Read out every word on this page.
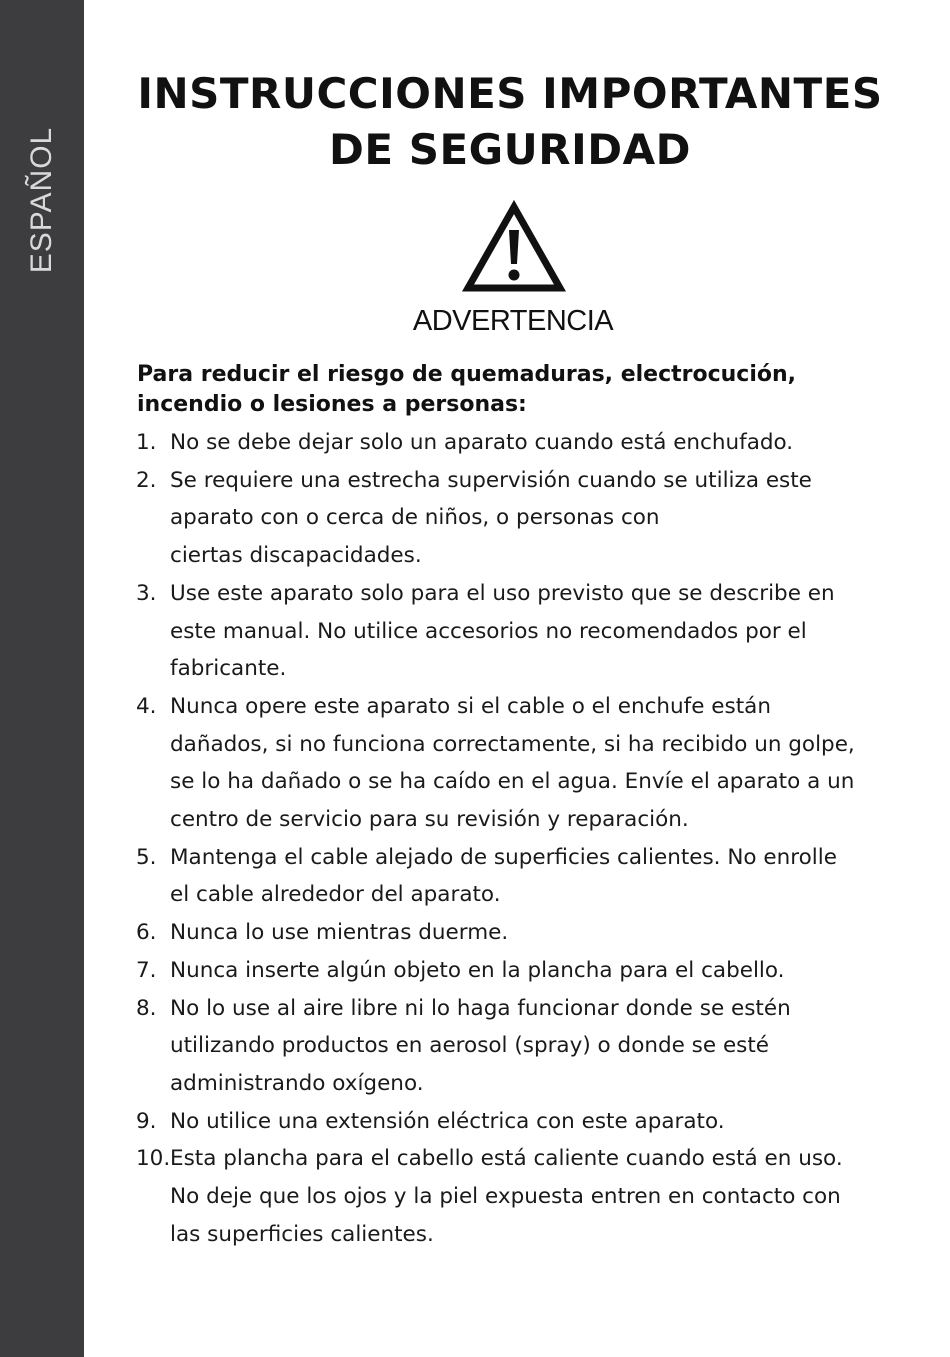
ESPAÑOL
INSTRUCCIONES IMPORTANTES
DE SEGURIDAD
ADVERTENCIA

Para reducir el riesgo de quemaduras, electrocución,
incendio o lesiones a personas:

1. No se debe dejar solo un aparato cuando está enchufado.
2. Se requiere una estrecha supervisión cuando se utiliza este
aparato con o cerca de niños, o personas con
ciertas discapacidades.
3. Use este aparato solo para el uso previsto que se describe en
este manual. No utilice accesorios no recomendados por el
fabricante.
4. Nunca opere este aparato si el cable o el enchufe están
dañados, si no funciona correctamente, si ha recibido un golpe,
se lo ha dañado o se ha caído en el agua. Envíe el aparato a un
centro de servicio para su revisión y reparación.
5. Mantenga el cable alejado de superficies calientes. No enrolle
el cable alrededor del aparato.
6. Nunca lo use mientras duerme.
7. Nunca inserte algún objeto en la plancha para el cabello.
8. No lo use al aire libre ni lo haga funcionar donde se estén
utilizando productos en aerosol (spray) o donde se esté
administrando oxígeno.
9. No utilice una extensión eléctrica con este aparato.
10. Esta plancha para el cabello está caliente cuando está en uso.
No deje que los ojos y la piel expuesta entren en contacto con
las superficies calientes.
